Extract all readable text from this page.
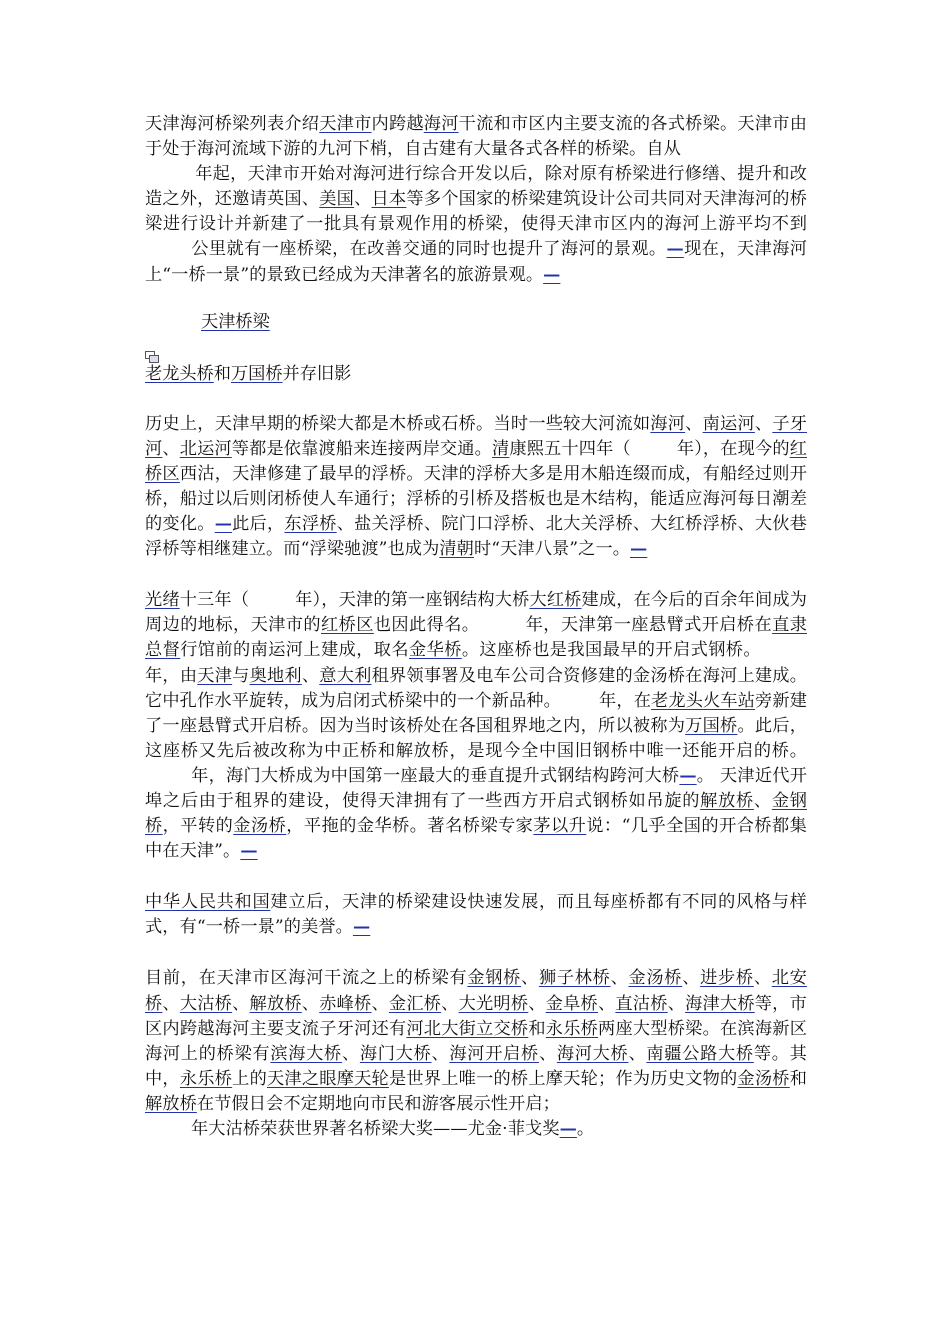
天津海河桥梁列表介绍天津市内跨越海河干流和市区内主要支流的各式桥梁。天津市由于处于海河流域下游的九河下梢，自古建有大量各式各样的桥梁。自从
年起，天津市开始对海河进行综合开发以后，除对原有桥梁进行修缮、提升和改造之外，还邀请英国、美国、日本等多个国家的桥梁建筑设计公司共同对天津海河的桥梁进行设计并新建了一批具有景观作用的桥梁，使得天津市区内的海河上游平均不到公里就有一座桥梁，在改善交通的同时也提升了海河的景观。—现在，天津海河上“一桥一景”的景致已经成为天津著名的旅游景观。—

天津桥梁

老龙头桥和万国桥并存旧影

历史上，天津早期的桥梁大都是木桥或石桥。当时一些较大河流如海河、南运河、子牙河、北运河等都是依靠渡船来连接两岸交通。清康熙五十四年（	年），在现今的红桥区西沽，天津修建了最早的浮桥。天津的浮桥大多是用木船连缀而成，有船经过则开桥，船过以后则闭桥使人车通行；浮桥的引桥及搭板也是木结构，能适应海河每日潮差的变化。—此后，东浮桥、盐关浮桥、院门口浮桥、北大关浮桥、大红桥浮桥、大伙巷浮桥等相继建立。而“浮梁驰渡”也成为清朝时“天津八景”之一。—

光绪十三年（	年），天津的第一座钢结构大桥大红桥建成，在今后的百余年间成为周边的地标，天津市的红桥区也因此得名。	年，天津第一座悬臂式开启桥在直隶总督行馆前的南运河上建成，取名金华桥。这座桥也是我国最早的开启式钢桥。年，由天津与奥地利、意大利租界领事署及电车公司合资修建的金汤桥在海河上建成。它中孔作水平旋转，成为启闭式桥梁中的一个新品种。 年，在老龙头火车站旁新建了一座悬臂式开启桥。因为当时该桥处在各国租界地之内，所以被称为万国桥。此后，这座桥又先后被改称为中正桥和解放桥，是现今全中国旧钢桥中唯一还能开启的桥。年，海门大桥成为中国第一座最大的垂直提升式钢结构跨河大桥—。 天津近代开埠之后由于租界的建设，使得天津拥有了一些西方开启式钢桥如吊旋的解放桥、金钢桥，平转的金汤桥，平拖的金华桥。著名桥梁专家茅以升说：“几乎全国的开合桥都集中在天津”。—

中华人民共和国建立后，天津的桥梁建设快速发展，而且每座桥都有不同的风格与样式，有“一桥一景”的美誉。—

目前，在天津市区海河干流之上的桥梁有金钢桥、狮子林桥、金汤桥、进步桥、北安桥、大沽桥、解放桥、赤峰桥、金汇桥、大光明桥、金阜桥、直沽桥、海津大桥等，市区内跨越海河主要支流子牙河还有河北大街立交桥和永乐桥两座大型桥梁。在滨海新区海河上的桥梁有滨海大桥、海门大桥、海河开启桥、海河大桥、南疆公路大桥等。其中，永乐桥上的天津之眼摩天轮是世界上唯一的桥上摩天轮；作为历史文物的金汤桥和解放桥在节假日会不定期地向市民和游客展示性开启；
年大沽桥荣获世界著名桥梁大奖——尤金·菲戈奖—。
